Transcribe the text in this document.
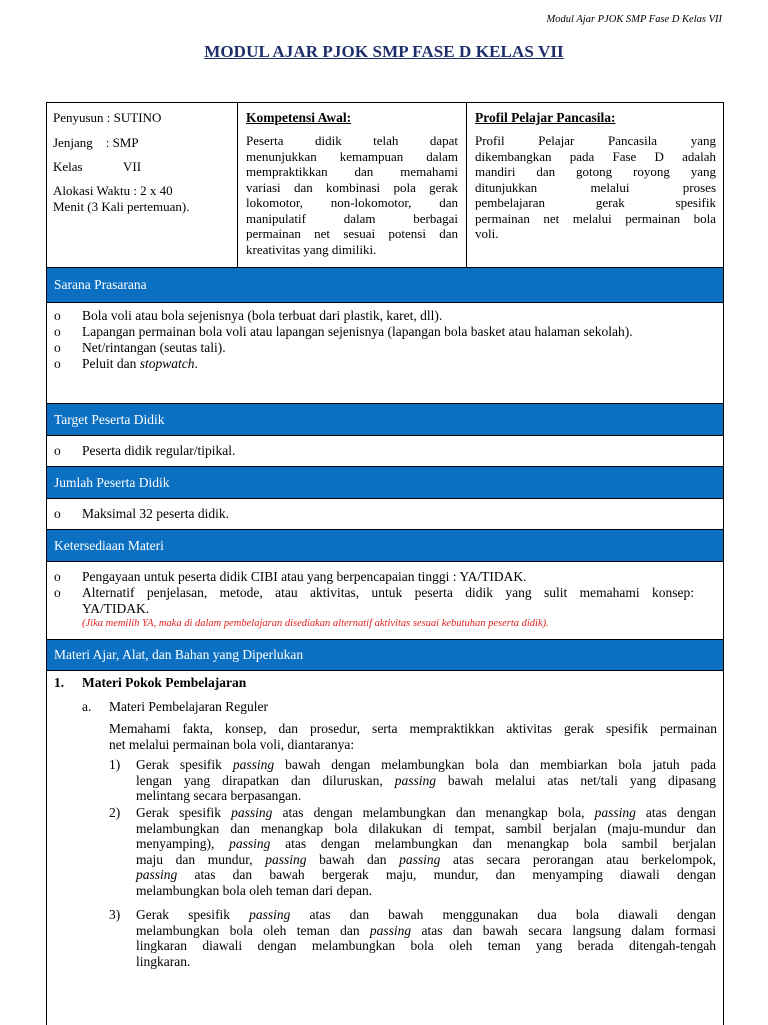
Modul Ajar PJOK SMP Fase D Kelas VII
MODUL AJAR PJOK SMP FASE D KELAS VII
Penyusun : SUTINO
Jenjang    : SMP
Kelas	VII
Alokasi Waktu : 2 x 40
Menit (3 Kali pertemuan).
Kompetensi Awal:
Peserta didik telah dapat
menunjukkan kemampuan dalam
mempraktikkan dan memahami
variasi dan kombinasi pola gerak
lokomotor, non-lokomotor, dan
manipulatif dalam berbagai
permainan net sesuai potensi dan
kreativitas yang dimiliki.
Profil Pelajar Pancasila:
Profil Pelajar Pancasila yang
dikembangkan pada Fase D adalah
mandiri dan gotong royong yang
ditunjukkan melalui proses
pembelajaran gerak spesifik
permainan net melalui permainan bola
voli.
Sarana Prasarana
o Bola voli atau bola sejenisnya (bola terbuat dari plastik, karet, dll).
o Lapangan permainan bola voli atau lapangan sejenisnya (lapangan bola basket atau halaman sekolah).
o Net/rintangan (seutas tali).
o Peluit dan stopwatch.
Target Peserta Didik
o Peserta didik regular/tipikal.
Jumlah Peserta Didik
o Maksimal 32 peserta didik.
Ketersediaan Materi
o Pengayaan untuk peserta didik CIBI atau yang berpencapaian tinggi : YA/TIDAK.
o Alternatif penjelasan, metode, atau aktivitas, untuk peserta didik yang sulit memahami konsep:
YA/TIDAK.
(Jika memilih YA, maka di dalam pembelajaran disediakan alternatif aktivitas sesuai kebutuhan peserta didik).
Materi Ajar, Alat, dan Bahan yang Diperlukan
1. Materi Pokok Pembelajaran
a. Materi Pembelajaran Reguler
Memahami fakta, konsep, dan prosedur, serta mempraktikkan aktivitas gerak spesifik permainan
net melalui permainan bola voli, diantaranya:
1) Gerak spesifik passing bawah dengan melambungkan bola dan membiarkan bola jatuh pada
lengan yang dirapatkan dan diluruskan, passing bawah melalui atas net/tali yang dipasang
melintang secara berpasangan.
2) Gerak spesifik passing atas dengan melambungkan dan menangkap bola, passing atas dengan
melambungkan dan menangkap bola dilakukan di tempat, sambil berjalan (maju-mundur dan
menyamping), passing atas dengan melambungkan dan menangkap bola sambil berjalan
maju dan mundur, passing bawah dan passing atas secara perorangan atau berkelompok,
passing atas dan bawah bergerak maju, mundur, dan menyamping diawali dengan
melambungkan bola oleh teman dari depan.
3) Gerak spesifik passing atas dan bawah menggunakan dua bola diawali dengan
melambungkan bola oleh teman dan passing atas dan bawah secara langsung dalam formasi
lingkaran diawali dengan melambungkan bola oleh teman yang berada ditengah-tengah
lingkaran.
